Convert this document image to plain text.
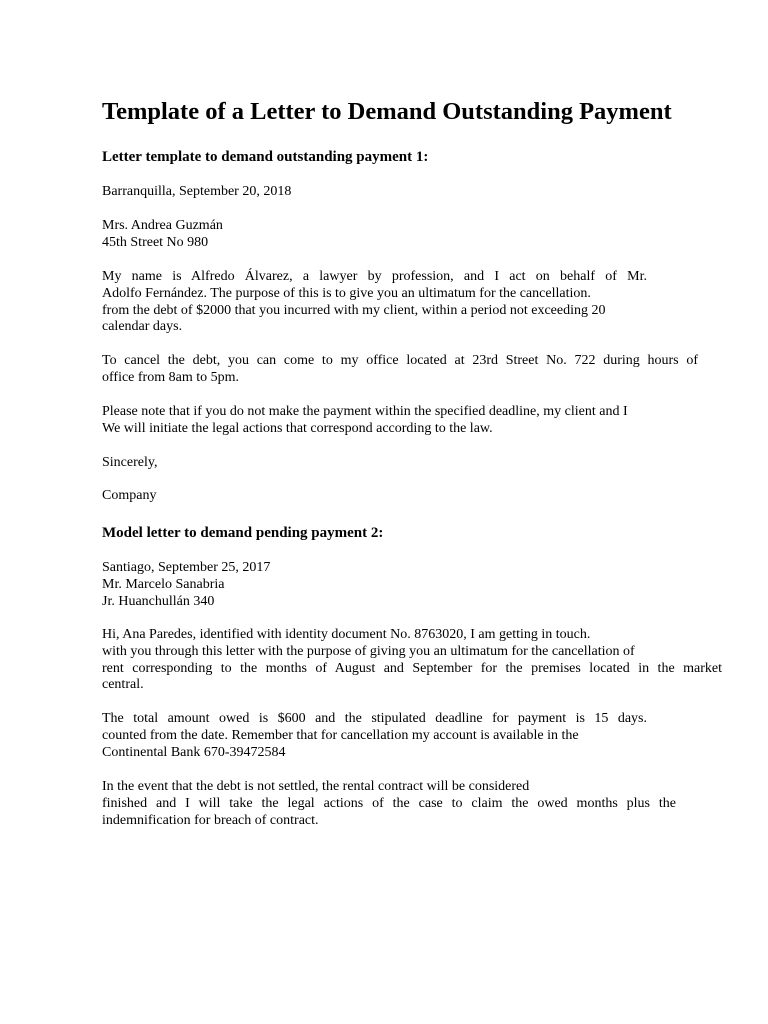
Template of a Letter to Demand Outstanding Payment
Letter template to demand outstanding payment 1:
Barranquilla, September 20, 2018
Mrs. Andrea Guzmán
45th Street No 980
My name is Alfredo Álvarez, a lawyer by profession, and I act on behalf of Mr.
Adolfo Fernández. The purpose of this is to give you an ultimatum for the cancellation.
from the debt of $2000 that you incurred with my client, within a period not exceeding 20
calendar days.
To cancel the debt, you can come to my office located at 23rd Street No. 722 during hours of
office from 8am to 5pm.
Please note that if you do not make the payment within the specified deadline, my client and I
We will initiate the legal actions that correspond according to the law.
Sincerely,
Company
Model letter to demand pending payment 2:
Santiago, September 25, 2017
Mr. Marcelo Sanabria
Jr. Huanchullán 340
Hi, Ana Paredes, identified with identity document No. 8763020, I am getting in touch.
with you through this letter with the purpose of giving you an ultimatum for the cancellation of
rent corresponding to the months of August and September for the premises located in the market
central.
The total amount owed is $600 and the stipulated deadline for payment is 15 days.
counted from the date. Remember that for cancellation my account is available in the
Continental Bank 670-39472584
In the event that the debt is not settled, the rental contract will be considered
finished and I will take the legal actions of the case to claim the owed months plus the
indemnification for breach of contract.
